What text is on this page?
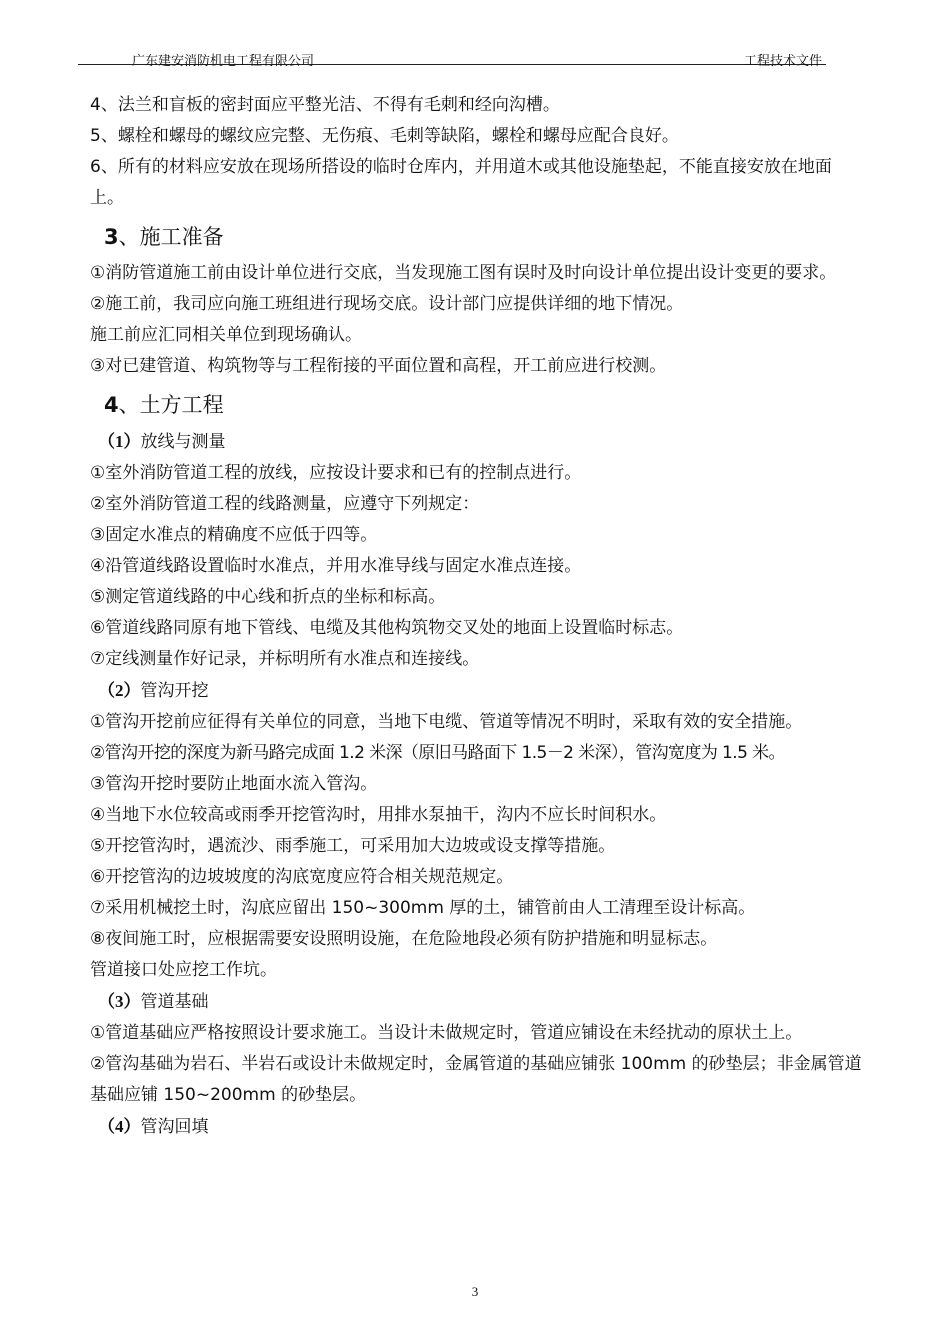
广东建安消防机电工程有限公司	工程技术文件

4、法兰和盲板的密封面应平整光洁、不得有毛刺和经向沟槽。

5、螺栓和螺母的螺纹应完整、无伤痕、毛刺等缺陷，螺栓和螺母应配合良好。

6、所有的材料应安放在现场所搭设的临时仓库内，并用道木或其他设施垫起，不能直接安放在地面上。

3、施工准备

①消防管道施工前由设计单位进行交底，当发现施工图有误时及时向设计单位提出设计变更的要求。

②施工前，我司应向施工班组进行现场交底。设计部门应提供详细的地下情况。

施工前应汇同相关单位到现场确认。

③对已建管道、构筑物等与工程衔接的平面位置和高程，开工前应进行校测。

4、土方工程

（1）放线与测量

①室外消防管道工程的放线，应按设计要求和已有的控制点进行。

②室外消防管道工程的线路测量，应遵守下列规定：

③固定水准点的精确度不应低于四等。

④沿管道线路设置临时水准点，并用水准导线与固定水准点连接。

⑤测定管道线路的中心线和折点的坐标和标高。

⑥管道线路同原有地下管线、电缆及其他构筑物交叉处的地面上设置临时标志。

⑦定线测量作好记录，并标明所有水准点和连接线。

（2）管沟开挖

①管沟开挖前应征得有关单位的同意，当地下电缆、管道等情况不明时，采取有效的安全措施。

②管沟开挖的深度为新马路完成面 1.2 米深（原旧马路面下 1.5－2 米深），管沟宽度为 1.5 米。

③管沟开挖时要防止地面水流入管沟。

④当地下水位较高或雨季开挖管沟时，用排水泵抽干，沟内不应长时间积水。

⑤开挖管沟时，遇流沙、雨季施工，可采用加大边坡或设支撑等措施。

⑥开挖管沟的边坡坡度的沟底宽度应符合相关规范规定。

⑦采用机械挖土时，沟底应留出 150~300mm 厚的土，铺管前由人工清理至设计标高。

⑧夜间施工时，应根据需要安设照明设施，在危险地段必须有防护措施和明显标志。

管道接口处应挖工作坑。

（3）管道基础

①管道基础应严格按照设计要求施工。当设计未做规定时，管道应铺设在未经扰动的原状土上。

②管沟基础为岩石、半岩石或设计未做规定时，金属管道的基础应铺张 100mm 的砂垫层；非金属管道基础应铺 150~200mm 的砂垫层。

（4）管沟回填

3
